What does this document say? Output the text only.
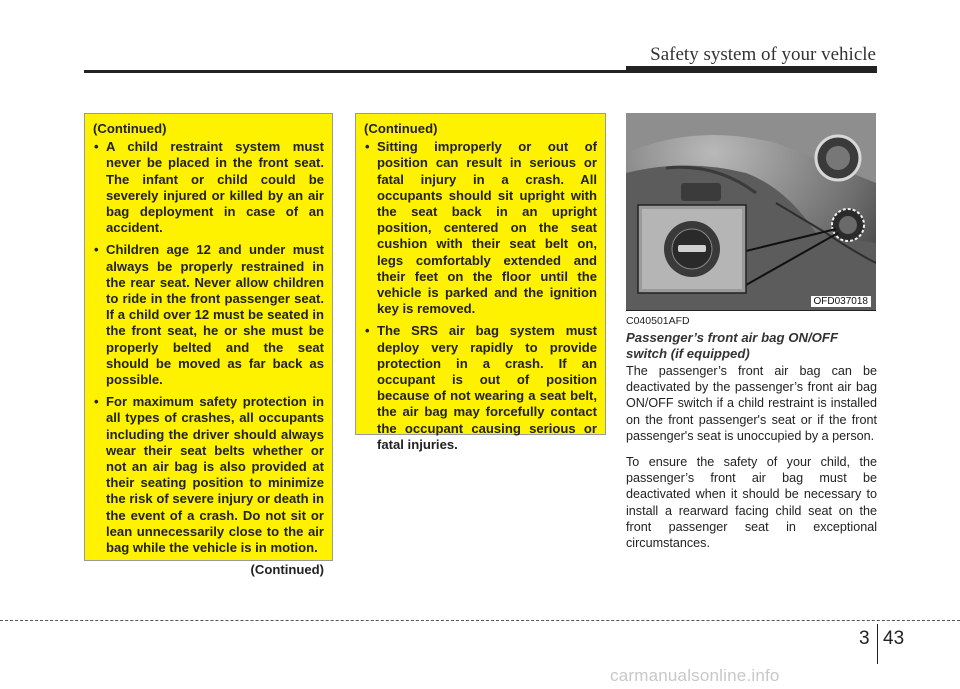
Safety system of your vehicle
(Continued)
• A child restraint system must never be placed in the front seat. The infant or child could be severely injured or killed by an air bag deployment in case of an accident.
• Children age 12 and under must always be properly restrained in the rear seat. Never allow children to ride in the front passenger seat. If a child over 12 must be seated in the front seat, he or she must be properly belted and the seat should be moved as far back as possible.
• For maximum safety protection in all types of crashes, all occupants including the driver should always wear their seat belts whether or not an air bag is also provided at their seating position to minimize the risk of severe injury or death in the event of a crash. Do not sit or lean unnecessarily close to the air bag while the vehicle is in motion.
(Continued)
(Continued)
• Sitting improperly or out of position can result in serious or fatal injury in a crash. All occupants should sit upright with the seat back in an upright position, centered on the seat cushion with their seat belt on, legs comfortably extended and their feet on the floor until the vehicle is parked and the ignition key is removed.
• The SRS air bag system must deploy very rapidly to provide protection in a crash. If an occupant is out of position because of not wearing a seat belt, the air bag may forcefully contact the occupant causing serious or fatal injuries.
OFD037018
C040501AFD
Passenger’s front air bag ON/OFF switch (if equipped)
The passenger’s front air bag can be deactivated by the passenger’s front air bag ON/OFF switch if a child restraint is installed on the front passenger's seat or if the front passenger's seat is unoccupied by a person.
To ensure the safety of your child, the passenger’s front air bag must be deactivated when it should be necessary to install a rearward facing child seat on the front passenger seat in exceptional circumstances.
3 43
carmanualsonline.info
